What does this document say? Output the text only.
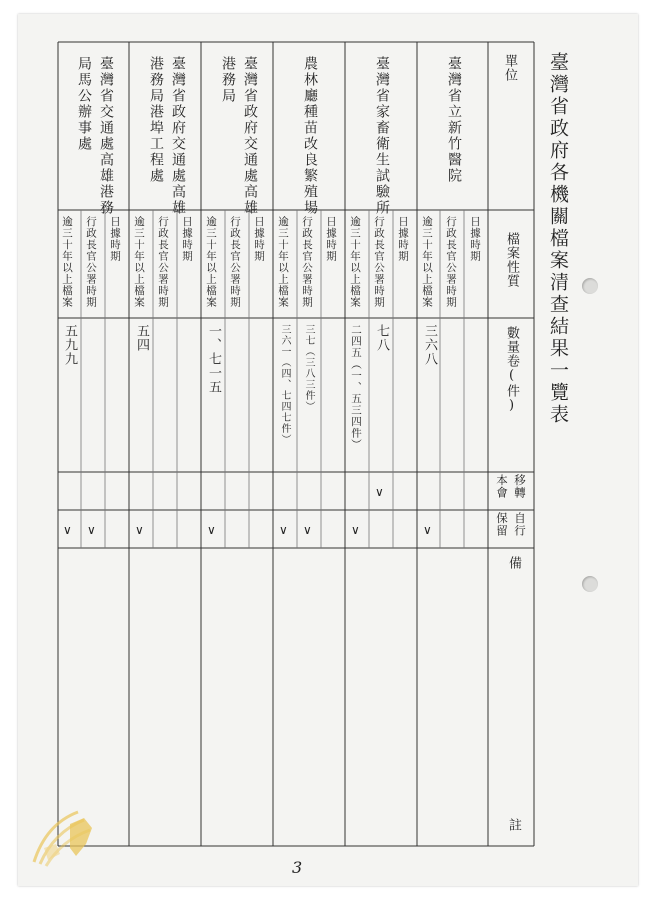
臺灣省政府各機關檔案清查結果一覽表
單位
檔案性質
數量卷(件)
移轉
本會
自行
保留
備
註
臺灣省立新竹醫院
日據時期
行政長官公署時期
逾三十年以上檔案
三六八
∨
臺灣省家畜衛生試驗所
日據時期
行政長官公署時期
逾三十年以上檔案
七八
二四五（一、五三四件）
∨
∨
農林廳種苗改良繁殖場
日據時期
行政長官公署時期
逾三十年以上檔案
三七（三八三件）
三六一（四、七四七件）
∨
∨
臺灣省政府交通處高雄
港務局
日據時期
行政長官公署時期
逾三十年以上檔案
一、七一五
∨
臺灣省政府交通處高雄
港務局港埠工程處
日據時期
行政長官公署時期
逾三十年以上檔案
五四
∨
臺灣省交通處高雄港務
局馬公辦事處
日據時期
行政長官公署時期
逾三十年以上檔案
五九九
∨
∨
3
